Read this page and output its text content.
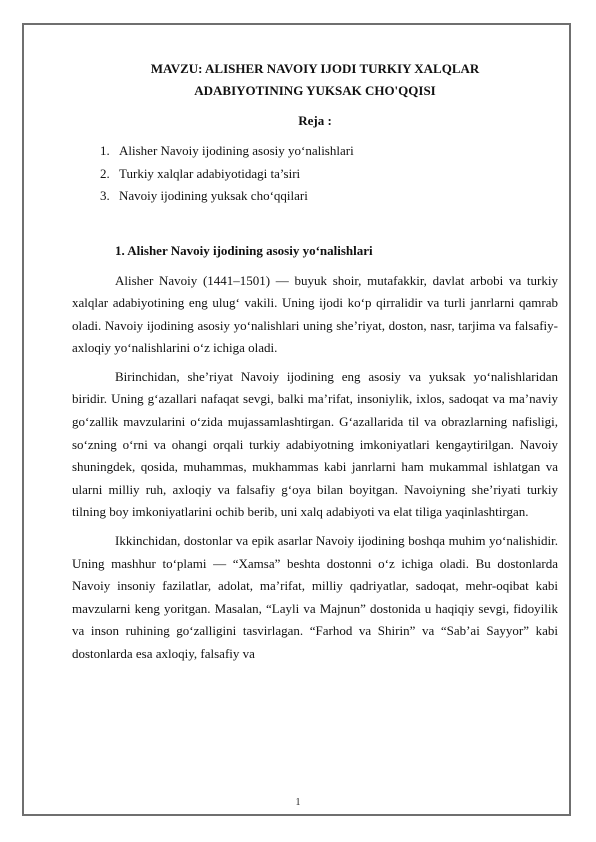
MAVZU: ALISHER NAVOIY IJODI TURKIY XALQLAR
ADABIYOTINING YUKSAK CHO'QQISI
Reja :
1. Alisher Navoiy ijodining asosiy yo‘nalishlari
2. Turkiy xalqlar adabiyotidagi ta’siri
3. Navoiy ijodining yuksak cho‘qqilari
1. Alisher Navoiy ijodining asosiy yo‘nalishlari

Alisher Navoiy (1441–1501) — buyuk shoir, mutafakkir, davlat arbobi va turkiy xalqlar adabiyotining eng ulug‘ vakili. Uning ijodi ko‘p qirralidir va turli janrlarni qamrab oladi. Navoiy ijodining asosiy yo‘nalishlari uning she’riyat, doston, nasr, tarjima va falsafiy-axloqiy yo‘nalishlarini o‘z ichiga oladi.

Birinchidan, she’riyat Navoiy ijodining eng asosiy va yuksak yo‘nalishlaridan biridir. Uning g‘azallari nafaqat sevgi, balki ma’rifat, insoniylik, ixlos, sadoqat va ma’naviy go‘zallik mavzularini o‘zida mujassamlashtirgan. G‘azallarida til va obrazlarning nafisligi, so‘zning o‘rni va ohangi orqali turkiy adabiyotning imkoniyatlari kengaytirilgan. Navoiy shuningdek, qosida, muhammas, mukhammas kabi janrlarni ham mukammal ishlatgan va ularni milliy ruh, axloqiy va falsafiy g‘oya bilan boyitgan. Navoiyning she’riyati turkiy tilning boy imkoniyatlarini ochib berib, uni xalq adabiyoti va elat tiliga yaqinlashtirgan.

Ikkinchidan, dostonlar va epik asarlar Navoiy ijodining boshqa muhim yo‘nalishidir. Uning mashhur to‘plami — “Xamsa” beshta dostonni o‘z ichiga oladi. Bu dostonlarda Navoiy insoniy fazilatlar, adolat, ma’rifat, milliy qadriyatlar, sadoqat, mehr-oqibat kabi mavzularni keng yoritgan. Masalan, “Layli va Majnun” dostonida u haqiqiy sevgi, fidoyilik va inson ruhining go‘zalligini tasvirlagan. “Farhod va Shirin” va “Sab’ai Sayyor” kabi dostonlarda esa axloqiy, falsafiy va

1
